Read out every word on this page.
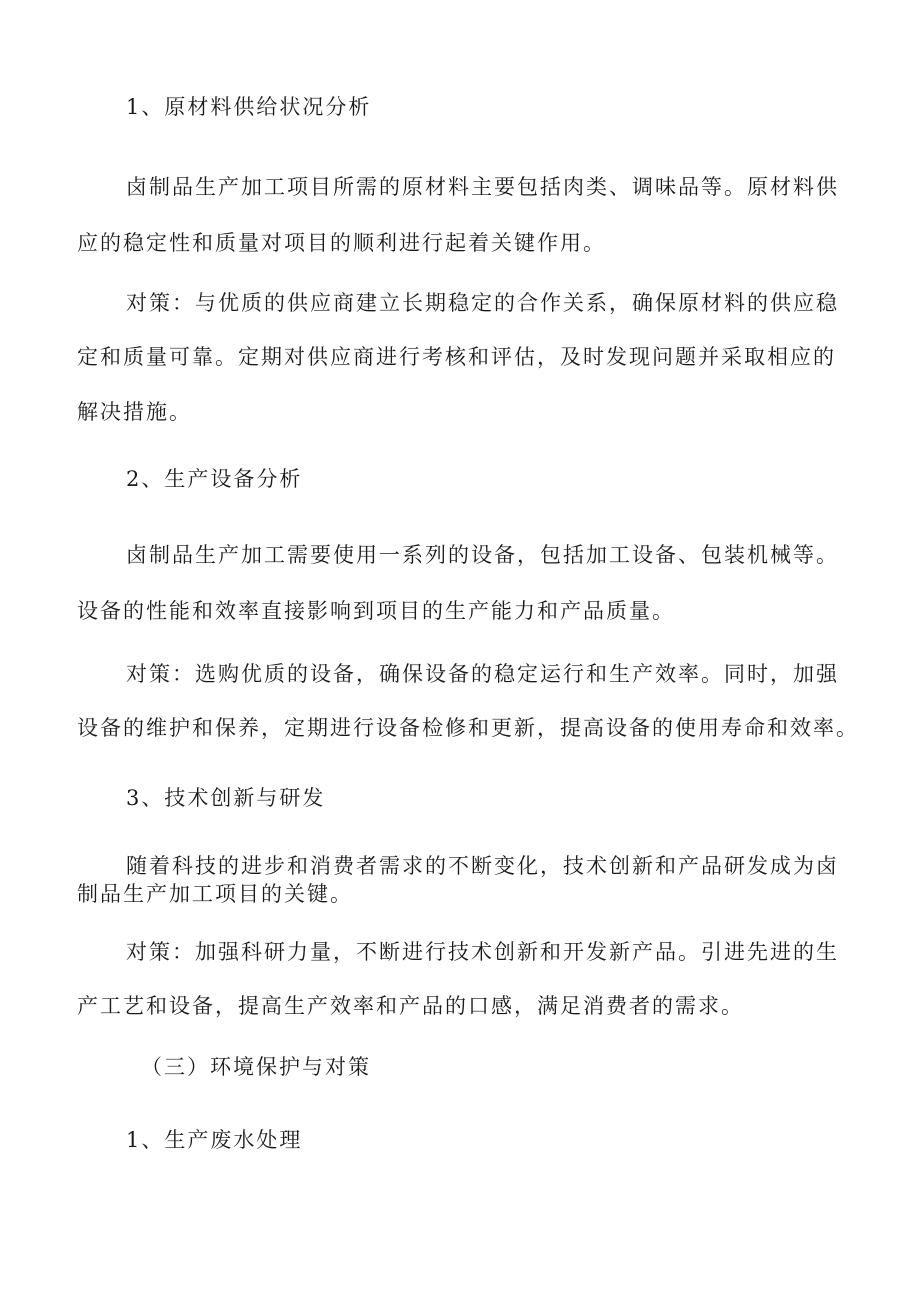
1、原材料供给状况分析
卤制品生产加工项目所需的原材料主要包括肉类、调味品等。原材料供
应的稳定性和质量对项目的顺利进行起着关键作用。
对策：与优质的供应商建立长期稳定的合作关系，确保原材料的供应稳
定和质量可靠。定期对供应商进行考核和评估，及时发现问题并采取相应的
解决措施。
2、生产设备分析
卤制品生产加工需要使用一系列的设备，包括加工设备、包装机械等。
设备的性能和效率直接影响到项目的生产能力和产品质量。
对策：选购优质的设备，确保设备的稳定运行和生产效率。同时，加强
设备的维护和保养，定期进行设备检修和更新，提高设备的使用寿命和效率。
3、技术创新与研发
随着科技的进步和消费者需求的不断变化，技术创新和产品研发成为卤
制品生产加工项目的关键。
对策：加强科研力量，不断进行技术创新和开发新产品。引进先进的生
产工艺和设备，提高生产效率和产品的口感，满足消费者的需求。
（三）环境保护与对策
1、生产废水处理
